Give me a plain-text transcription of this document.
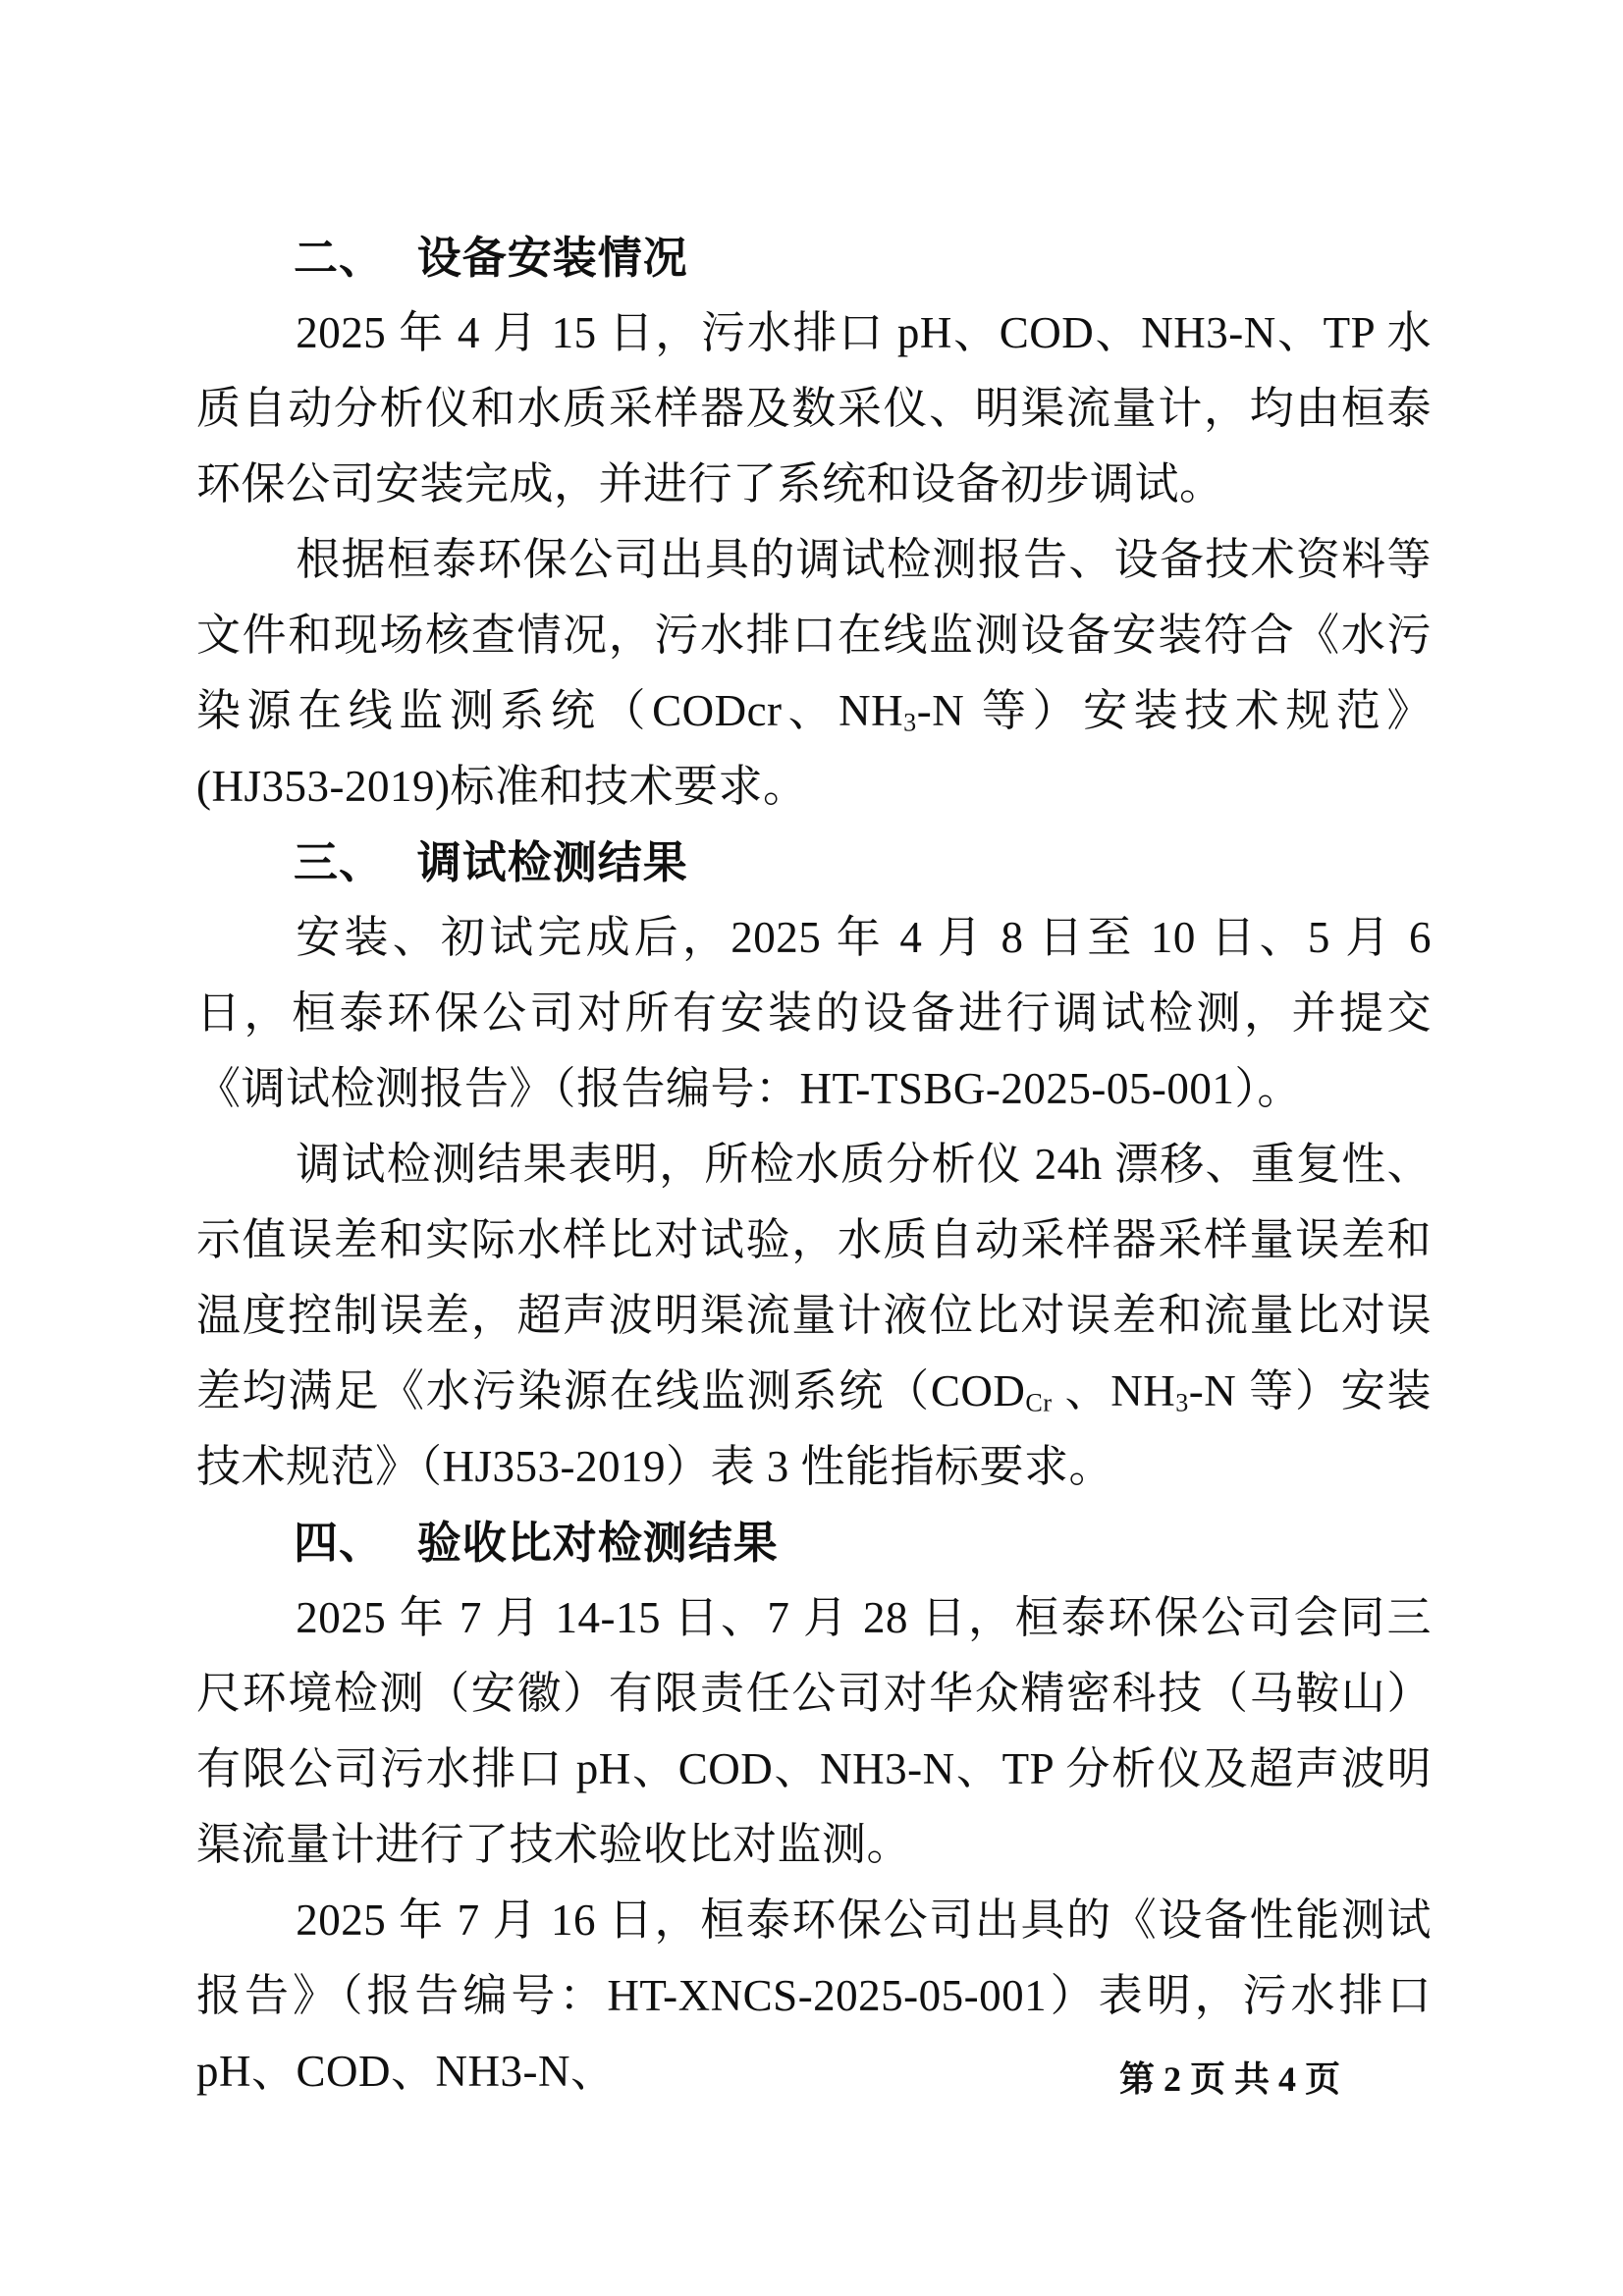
二、 设备安装情况

2025 年 4 月 15 日，污水排口 pH、COD、NH3-N、TP 水质自动分析仪和水质采样器及数采仪、明渠流量计，均由桓泰环保公司安装完成，并进行了系统和设备初步调试。

根据桓泰环保公司出具的调试检测报告、设备技术资料等文件和现场核查情况，污水排口在线监测设备安装符合《水污染源在线监测系统（CODcr、$NH_3-N$ 等）安装技术规范》(HJ353-2019)标准和技术要求。

三、 调试检测结果

安装、初试完成后，2025 年 4 月 8 日至 10 日、5 月 6 日，桓泰环保公司对所有安装的设备进行调试检测，并提交《调试检测报告》（报告编号：HT-TSBG-2025-05-001）。

调试检测结果表明，所检水质分析仪 24h 漂移、重复性、示值误差和实际水样比对试验，水质自动采样器采样量误差和温度控制误差，超声波明渠流量计液位比对误差和流量比对误差均满足《水污染源在线监测系统（$COD_{Cr}$ 、$NH_3-N$ 等）安装技术规范》（HJ353-2019）表 3 性能指标要求。

四、 验收比对检测结果

2025 年 7 月 14-15 日、7 月 28 日，桓泰环保公司会同三尺环境检测（安徽）有限责任公司对华众精密科技（马鞍山）有限公司污水排口 pH、COD、NH3-N、TP 分析仪及超声波明渠流量计进行了技术验收比对监测。

2025 年 7 月 16 日，桓泰环保公司出具的《设备性能测试报告》（报告编号：HT-XNCS-2025-05-001）表明，污水排口 pH、COD、NH3-N、	第 2 页 共 4 页
